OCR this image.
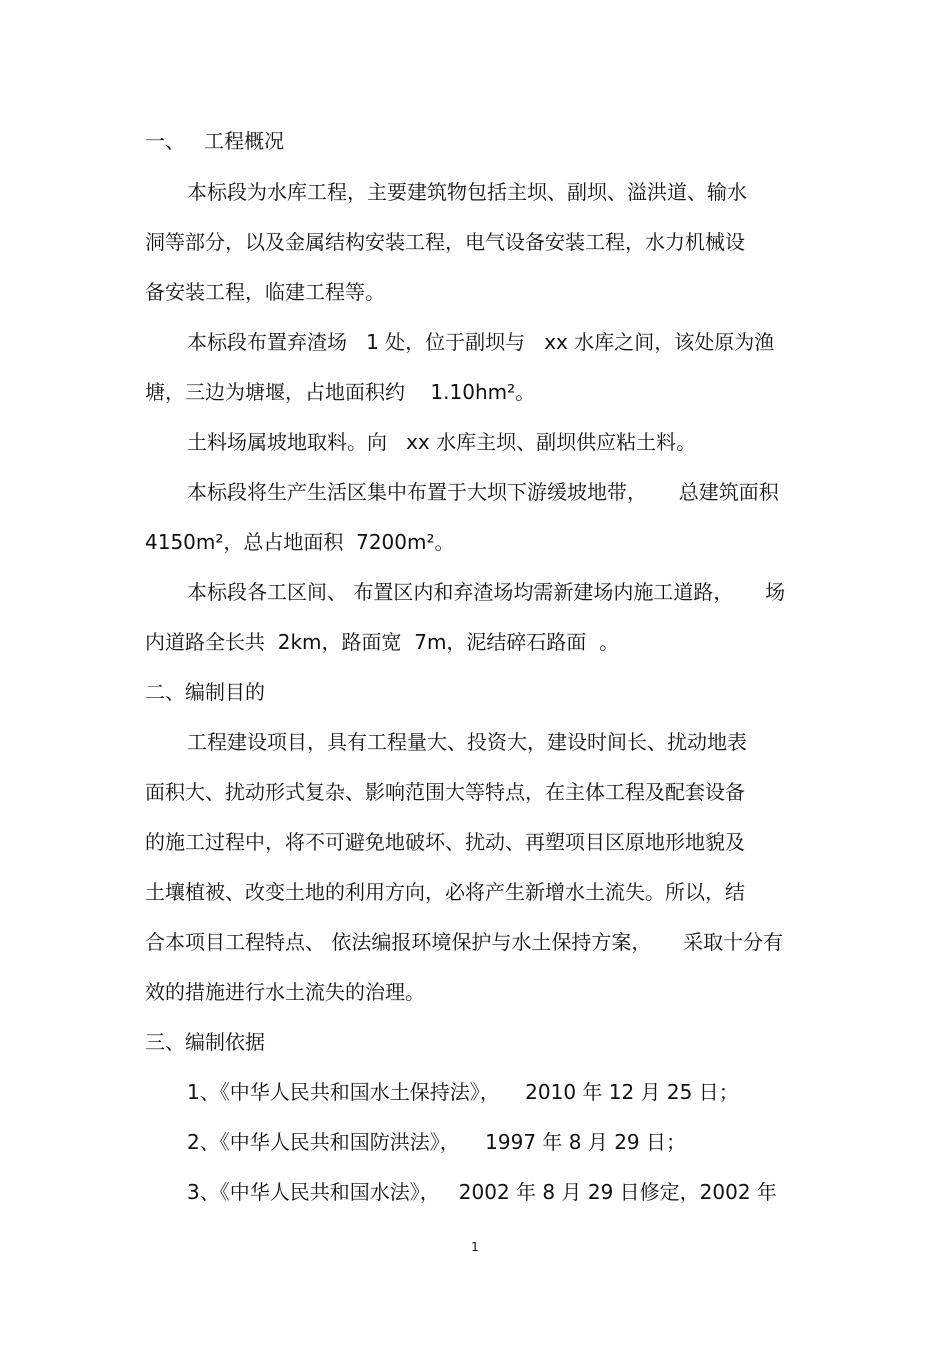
一、   工程概况
本标段为水库工程，主要建筑物包括主坝、副坝、溢洪道、输水
洞等部分，以及金属结构安装工程，电气设备安装工程，水力机械设
备安装工程，临建工程等。
本标段布置弃渣场   1 处，位于副坝与   xx 水库之间，该处原为渔
塘，三边为塘堰，占地面积约    1.10hm²。
土料场属坡地取料。向   xx 水库主坝、副坝供应粘土料。
本标段将生产生活区集中布置于大坝下游缓坡地带，     总建筑面积
4150m²，总占地面积  7200m²。
本标段各工区间、 布置区内和弃渣场均需新建场内施工道路，     场
内道路全长共  2km，路面宽  7m，泥结碎石路面  。
二、编制目的
工程建设项目，具有工程量大、投资大，建设时间长、扰动地表
面积大、扰动形式复杂、影响范围大等特点，在主体工程及配套设备
的施工过程中，将不可避免地破坏、扰动、再塑项目区原地形地貌及
土壤植被、改变土地的利用方向，必将产生新增水土流失。所以，结
合本项目工程特点、 依法编报环境保护与水土保持方案，     采取十分有
效的措施进行水土流失的治理。
三、编制依据
1、《中华人民共和国水土保持法》，    2010 年 12 月 25 日；
2、《中华人民共和国防洪法》，    1997 年 8 月 29 日；
3、《中华人民共和国水法》，   2002 年 8 月 29 日修定，2002 年
1
